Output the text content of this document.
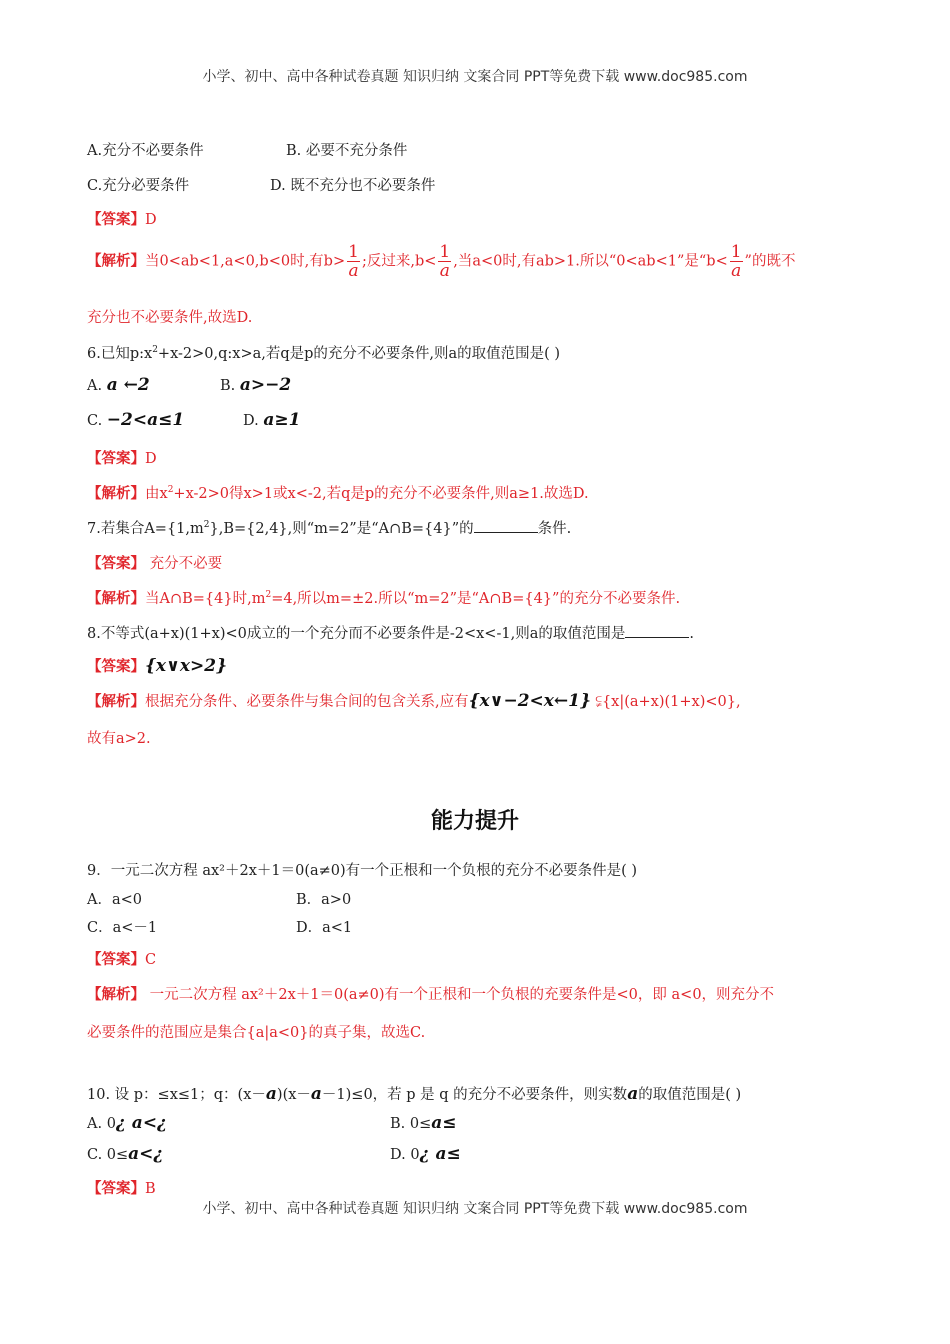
小学、初中、高中各种试卷真题 知识归纳 文案合同 PPT等免费下载 www.doc985.com
A.充分不必要条件	B. 必要不充分条件
C.充分必要条件	D. 既不充分也不必要条件
【答案】D
【解析】当0<ab<1,a<0,b<0时,有$b> \frac{1}{a}$ ;反过来$,b< \frac{1}{a}$ ,当a<0时,有ab>1.所以“0<ab<1”是“$b< \frac{1}{a}$ ”的既不
充分也不必要条件,故选D.
6.已知$p:x^2+x-2>0,q:x>a$,若q是p的充分不必要条件,则a的取值范围是( )
A. a ←2	B. a>−2
C. −2<a≤1	D. a≥1
【答案】D
【解析】由$x^2+x-2>0$得x>1或x<-2,若q是p的充分不必要条件,则a≥1.故选D.
7.若集合$A=\{1,m^2\},B=\{2,4\}$,则“m=2”是“A∩B={4}”的	条件.
【答案】 充分不必要
【解析】当A∩B={4}时$,m^2=4$,所以m=±2.所以“m=2”是“A∩B={4}”的充分不必要条件.
8.不等式(a+x)(1+x)<0成立的一个充分而不必要条件是-2<x<-1,则a的取值范围是	.
【答案】{x∨x>2}
【解析】根据充分条件、必要条件与集合间的包含关系,应有{x∨−2<x←1} ⫋{x|(a+x)(1+x)<0},
故有a>2.
能力提升
9．一元二次方程 ax²＋2x＋1＝0(a≠0)有一个正根和一个负根的充分不必要条件是( )
A．a<0	B．a>0
C．a<－1	D．a<1
【答案】C
【解析】 一元二次方程 ax²＋2x＋1＝0(a≠0)有一个正根和一个负根的充要条件是<0，即 a<0，则充分不
必要条件的范围应是集合{a|a<0}的真子集，故选C.
10. 设 p：≤x≤1；q：(x－a)(x－a－1)≤0，若 p 是 q 的充分不必要条件，则实数a的取值范围是( )
A. 0¿ a<¿	B. 0≤a≤
C. 0≤a<¿	D. 0¿ a≤
【答案】B
小学、初中、高中各种试卷真题 知识归纳 文案合同 PPT等免费下载 www.doc985.com
